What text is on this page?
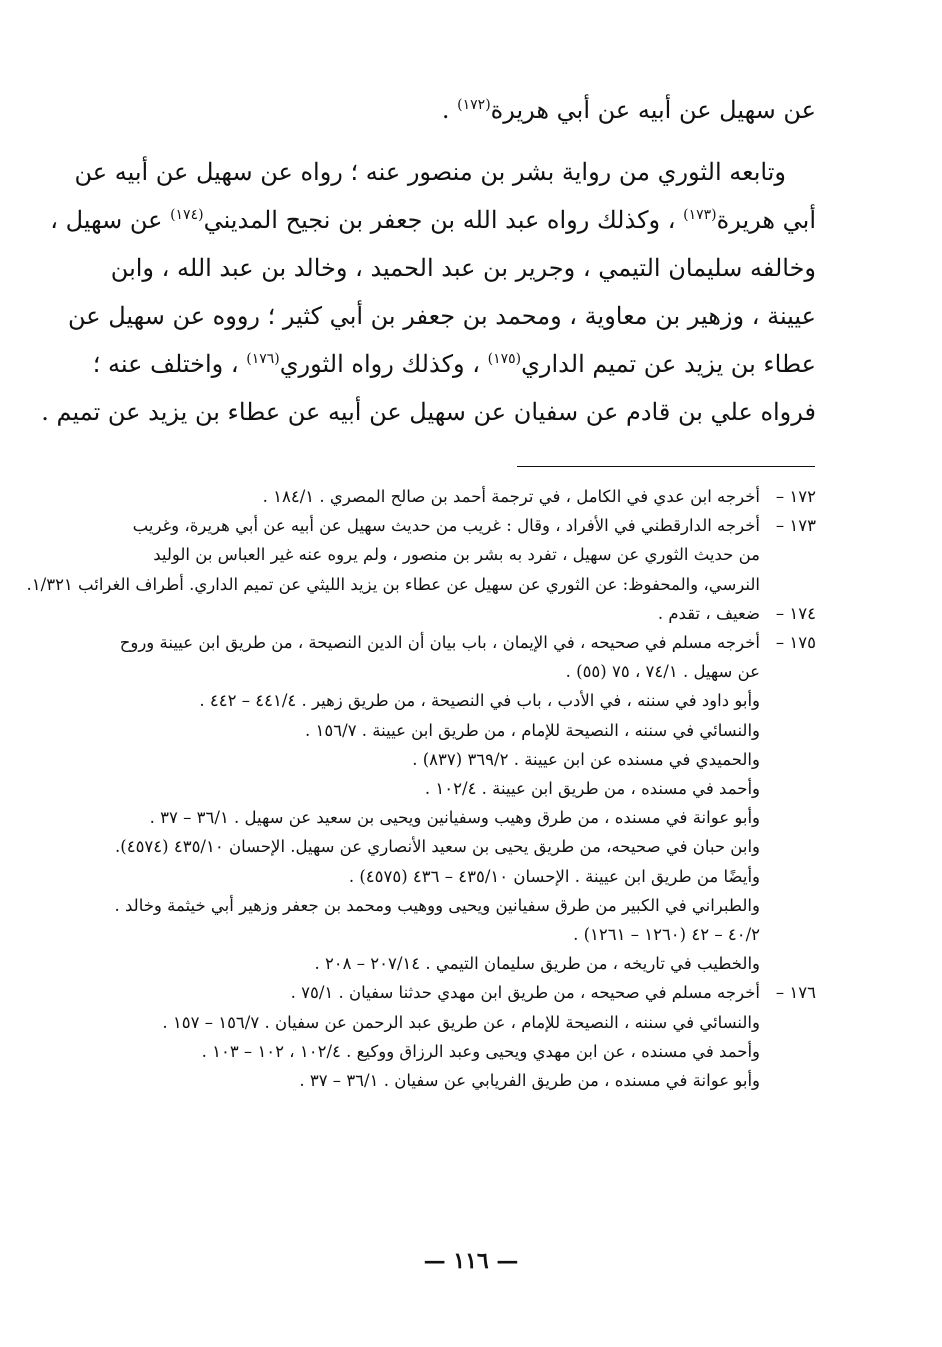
عن سهيل عن أبيه عن أبي هريرة$^{(١٧٢)}$ .
وتابعه الثوري من رواية بشر بن منصور عنه ؛ رواه عن سهيل عن أبيه عن
أبي هريرة$^{(١٧٣)}$ ، وكذلك رواه عبد الله بن جعفر بن نجيح المديني$^{(١٧٤)}$ عن سهيل ،
وخالفه سليمان التيمي ، وجرير بن عبد الحميد ، وخالد بن عبد الله ، وابن
عيينة ، وزهير بن معاوية ، ومحمد بن جعفر بن أبي كثير ؛ رووه عن سهيل عن
عطاء بن يزيد عن تميم الداري$^{(١٧٥)}$ ، وكذلك رواه الثوري$^{(١٧٦)}$ ، واختلف عنه ؛
فرواه علي بن قادم عن سفيان عن سهيل عن أبيه عن عطاء بن يزيد عن تميم .
١٧٢ –
أخرجه ابن عدي في الكامل ، في ترجمة أحمد بن صالح المصري . ١٨٤/١ .
١٧٣ –
أخرجه الدارقطني في الأفراد ، وقال : غريب من حديث سهيل عن أبيه عن أبي هريرة، وغريب
من حديث الثوري عن سهيل ، تفرد به بشر بن منصور ، ولم يروه عنه غير العباس بن الوليد
النرسي، والمحفوظ: عن الثوري عن سهيل عن عطاء بن يزيد الليثي عن تميم الداري. أطراف الغرائب ١/٣٢١.
١٧٤ –
ضعيف ، تقدم .
١٧٥ –
أخرجه مسلم في صحيحه ، في الإيمان ، باب بيان أن الدين النصيحة ، من طريق ابن عيينة وروح
عن سهيل . ٧٤/١ ، ٧٥ (٥٥) .
وأبو داود في سننه ، في الأدب ، باب في النصيحة ، من طريق زهير . ٤٤١/٤ – ٤٤٢ .
والنسائي في سننه ، النصيحة للإمام ، من طريق ابن عيينة . ١٥٦/٧ .
والحميدي في مسنده عن ابن عيينة . ٣٦٩/٢ (٨٣٧) .
وأحمد في مسنده ، من طريق ابن عيينة . ١٠٢/٤ .
وأبو عوانة في مسنده ، من طرق وهيب وسفيانين ويحيى بن سعيد عن سهيل . ٣٦/١ – ٣٧ .
وابن حبان في صحيحه، من طريق يحيى بن سعيد الأنصاري عن سهيل. الإحسان ٤٣٥/١٠ (٤٥٧٤).
وأيضًا من طريق ابن عيينة . الإحسان ٤٣٥/١٠ – ٤٣٦ (٤٥٧٥) .
والطبراني في الكبير من طرق سفيانين ويحيى ووهيب ومحمد بن جعفر وزهير أبي خيثمة وخالد .
٤٠/٢ – ٤٢ (١٢٦٠ – ١٢٦١) .
والخطيب في تاريخه ، من طريق سليمان التيمي . ٢٠٧/١٤ – ٢٠٨ .
١٧٦ –
أخرجه مسلم في صحيحه ، من طريق ابن مهدي حدثنا سفيان . ٧٥/١ .
والنسائي في سننه ، النصيحة للإمام ، عن طريق عبد الرحمن عن سفيان . ١٥٦/٧ – ١٥٧ .
وأحمد في مسنده ، عن ابن مهدي ويحيى وعبد الرزاق ووكيع . ١٠٢/٤ ، ١٠٢ – ١٠٣ .
وأبو عوانة في مسنده ، من طريق الفريابي عن سفيان . ٣٦/١ – ٣٧ .
— ١١٦ —
